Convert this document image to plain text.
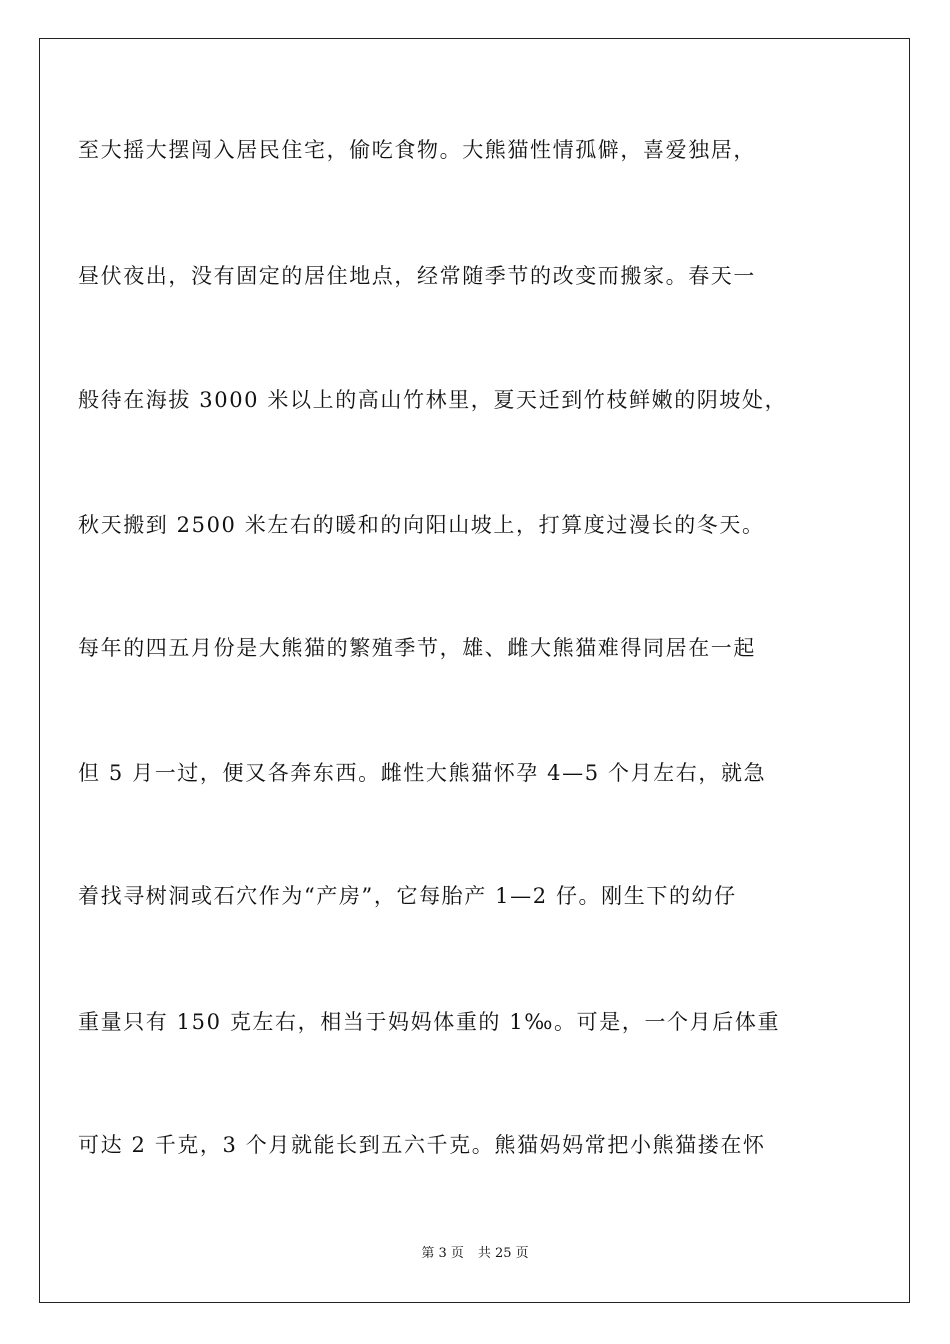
至大摇大摆闯入居民住宅，偷吃食物。大熊猫性情孤僻，喜爱独居，
昼伏夜出，没有固定的居住地点，经常随季节的改变而搬家。春天一
般待在海拔 3000 米以上的高山竹林里，夏天迁到竹枝鲜嫩的阴坡处，
秋天搬到 2500 米左右的暖和的向阳山坡上，打算度过漫长的冬天。
每年的四五月份是大熊猫的繁殖季节，雄、雌大熊猫难得同居在一起
但 5 月一过，便又各奔东西。雌性大熊猫怀孕 4—5 个月左右，就急
着找寻树洞或石穴作为“产房”，它每胎产 1—2 仔。刚生下的幼仔
重量只有 150 克左右，相当于妈妈体重的 1‰。可是，一个月后体重
可达 2 千克，3 个月就能长到五六千克。熊猫妈妈常把小熊猫搂在怀
第 3 页 共 25 页
